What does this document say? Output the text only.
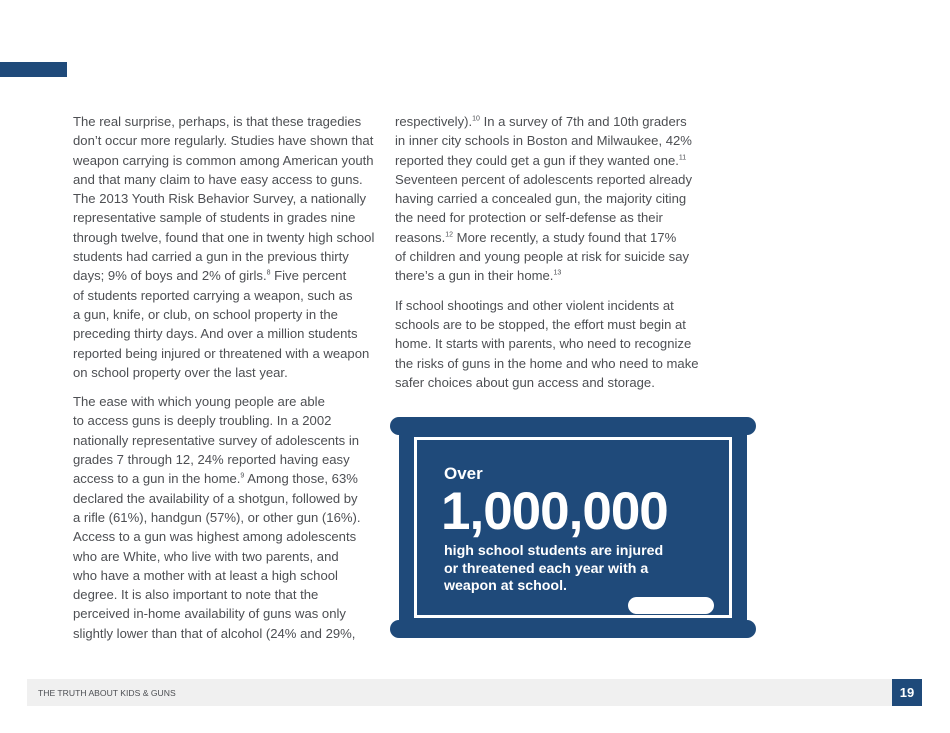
The real surprise, perhaps, is that these tragedies
don’t occur more regularly. Studies have shown that
weapon carrying is common among American youth
and that many claim to have easy access to guns.
The 2013 Youth Risk Behavior Survey, a nationally
representative sample of students in grades nine
through twelve, found that one in twenty high school
students had carried a gun in the previous thirty
days; 9% of boys and 2% of girls.$^8$ Five percent
of students reported carrying a weapon, such as
a gun, knife, or club, on school property in the
preceding thirty days. And over a million students
reported being injured or threatened with a weapon
on school property over the last year.

The ease with which young people are able
to access guns is deeply troubling. In a 2002
nationally representative survey of adolescents in
grades 7 through 12, 24% reported having easy
access to a gun in the home.$^9$ Among those, 63%
declared the availability of a shotgun, followed by
a rifle (61%), handgun (57%), or other gun (16%).
Access to a gun was highest among adolescents
who are White, who live with two parents, and
who have a mother with at least a high school
degree. It is also important to note that the
perceived in-home availability of guns was only
slightly lower than that of alcohol (24% and 29%,

respectively).$^{10}$ In a survey of 7th and 10th graders
in inner city schools in Boston and Milwaukee, 42%
reported they could get a gun if they wanted one.$^{11}$
Seventeen percent of adolescents reported already
having carried a concealed gun, the majority citing
the need for protection or self-defense as their
reasons.$^{12}$ More recently, a study found that 17%
of children and young people at risk for suicide say
there’s a gun in their home.$^{13}$

If school shootings and other violent incidents at
schools are to be stopped, the effort must begin at
home. It starts with parents, who need to recognize
the risks of guns in the home and who need to make
safer choices about gun access and storage.

Over
1,000,000
high school students are injured
or threatened each year with a
weapon at school.
THE TRUTH ABOUT KIDS & GUNS	19
